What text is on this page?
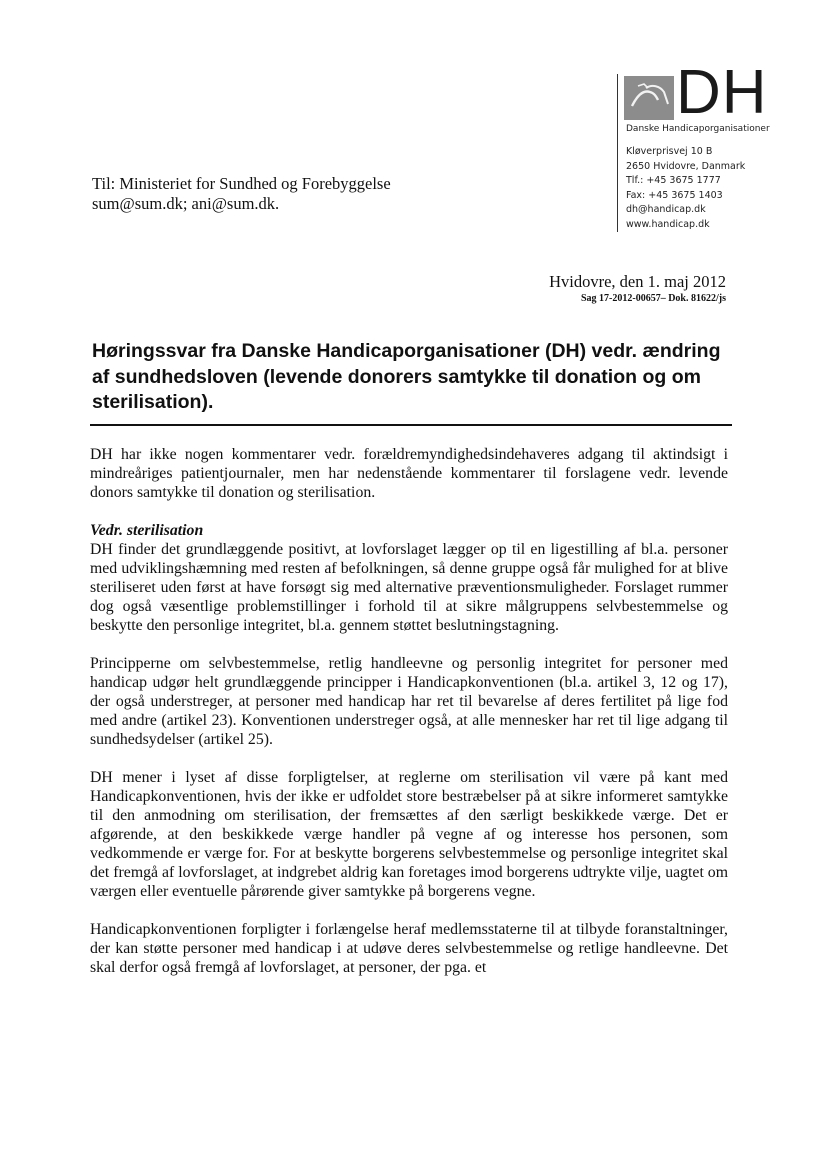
DH
Danske Handicaporganisationer
Kløverprisvej 10 B
2650 Hvidovre, Danmark
Tlf.: +45 3675 1777
Fax: +45 3675 1403
dh@handicap.dk
www.handicap.dk
Til: Ministeriet for Sundhed og Forebyggelse
sum@sum.dk; ani@sum.dk.
Hvidovre, den 1. maj 2012
Sag 17-2012-00657– Dok. 81622/js
Høringssvar fra Danske Handicaporganisationer (DH) vedr. ændring af sundhedsloven (levende donorers samtykke til donation og om sterilisation).

DH har ikke nogen kommentarer vedr. forældremyndighedsindehaveres adgang til aktindsigt i mindreåriges patientjournaler, men har nedenstående kommentarer til forslagene vedr. levende donors samtykke til donation og sterilisation.

Vedr. sterilisation

DH finder det grundlæggende positivt, at lovforslaget lægger op til en ligestilling af bl.a. personer med udviklingshæmning med resten af befolkningen, så denne gruppe også får mulighed for at blive steriliseret uden først at have forsøgt sig med alternative præventionsmuligheder. Forslaget rummer dog også væsentlige problemstillinger i forhold til at sikre målgruppens selvbestemmelse og beskytte den personlige integritet, bl.a. gennem støttet beslutningstagning.

Principperne om selvbestemmelse, retlig handleevne og personlig integritet for personer med handicap udgør helt grundlæggende principper i Handicapkonventionen (bl.a. artikel 3, 12 og 17), der også understreger, at personer med handicap har ret til bevarelse af deres fertilitet på lige fod med andre (artikel 23). Konventionen understreger også, at alle mennesker har ret til lige adgang til sundhedsydelser (artikel 25).

DH mener i lyset af disse forpligtelser, at reglerne om sterilisation vil være på kant med Handicapkonventionen, hvis der ikke er udfoldet store bestræbelser på at sikre informeret samtykke til den anmodning om sterilisation, der fremsættes af den særligt beskikkede værge. Det er afgørende, at den beskikkede værge handler på vegne af og interesse hos personen, som vedkommende er værge for. For at beskytte borgerens selvbestemmelse og personlige integritet skal det fremgå af lovforslaget, at indgrebet aldrig kan foretages imod borgerens udtrykte vilje, uagtet om værgen eller eventuelle pårørende giver samtykke på borgerens vegne.

Handicapkonventionen forpligter i forlængelse heraf medlemsstaterne til at tilbyde foranstaltninger, der kan støtte personer med handicap i at udøve deres selvbestemmelse og retlige handleevne. Det skal derfor også fremgå af lovforslaget, at personer, der pga. et
